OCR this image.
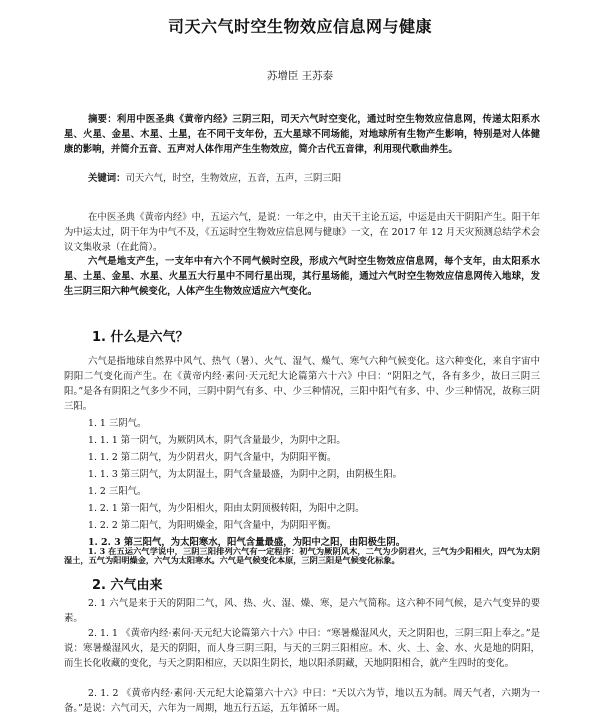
司天六气时空生物效应信息网与健康
苏增臣 王苏泰

摘要：利用中医圣典《黄帝内经》三阴三阳，司天六气时空变化，通过时空生物效应信息网，传递太阳系水星、火星、金星、木星、土星，在不同干支年份，五大星球不同场能，对地球所有生物产生影响，特别是对人体健康的影响，并简介五音、五声对人体作用产生生物效应，简介古代五音律，利用现代歌曲养生。

关键词：司天六气，时空，生物效应，五音，五声，三阴三阳

在中医圣典《黄帝内经》中，五运六气，是说：一年之中，由天干主论五运，中运是由天干阴阳产生。阳干年为中运太过，阴干年为中气不及，《五运时空生物效应信息网与健康》一文，在 2017 年 12 月天灾预测总结学术会议文集收录（在此简）。

六气是地支产生，一支年中有六个不同气候时空段，形成六气时空生物效应信息网，每个支年，由太阳系水星、土星、金星、水星、火星五大行星中不同行星出现，其行星场能，通过六气时空生物效应信息网传入地球，发生三阴三阳六种气候变化，人体产生生物效应适应六气变化。

1. 什么是六气？

六气是指地球自然界中风气、热气（暑）、火气、湿气、燥气、寒气六种气候变化。这六种变化，来自宇宙中阴阳二气变化而产生。在《黄帝内经·素问·天元纪大论篇第六十六》中曰：“阴阳之气，各有多少，故曰三阴三阳。”是各有阴阳之气多少不同，三阴中阴气有多、中、少三种情况，三阳中阳气有多、中、少三种情况，故称三阴三阳。

1. 1 三阴气。
1. 1. 1 第一阴气，为厥阴风木，阴气含量最少，为阴中之阳。
1. 1. 2 第二阴气，为少阴君火，阴气含量中，为阴阳平衡。
1. 1. 3 第三阴气，为太阴湿土，阴气含量最盛，为阴中之阴，由阴极生阳。
1. 2 三阳气。
1. 2. 1 第一阳气，为少阳相火，阳由太阴顶极转阳，为阳中之阴。
1. 2. 2 第二阳气，为阳明燥金，阳气含量中，为阴阳平衡。
1. 2. 3 第三阳气，为太阳寒水，阳气含量最盛，为阳中之阳，由阳极生阴。
2. 六气由来

2. 1 六气是来于天的阴阳二气，风、热、火、湿、燥、寒，是六气简称。这六种不同气候，是六气变异的要素。

2. 1. 1 《黄帝内经·素问·天元纪大论篇第六十六》中曰：“寒暑燥湿风火，天之阴阳也，三阴三阳上奉之。”是说：寒暑燥湿风火，是天的阴阳，而人身三阴三阳，与天的三阴三阳相应。木、火、土、金、水、火是地的阴阳，而生长化收藏的变化，与天之阴阳相应，天以阳生阴长，地以阳杀阴藏，天地阴阳相合，就产生四时的变化。

2. 1. 2 《黄帝内经·素问·天元纪大论篇第六十六》中曰：“天以六为节，地以五为制。周天气者，六期为一备。”是说：六气司天，六年为一周期，地五行五运，五年循环一周。

1. 3 在五运六气学说中，三阴三阳排列六气有一定程序：初气为厥阴风木，二气为少阴君火，三气为少阳相火，四气为太阴湿土，五气为阳明燥金，六气为太阳寒水。六气是气候变化本原，三阴三阳是气候变化标象。
